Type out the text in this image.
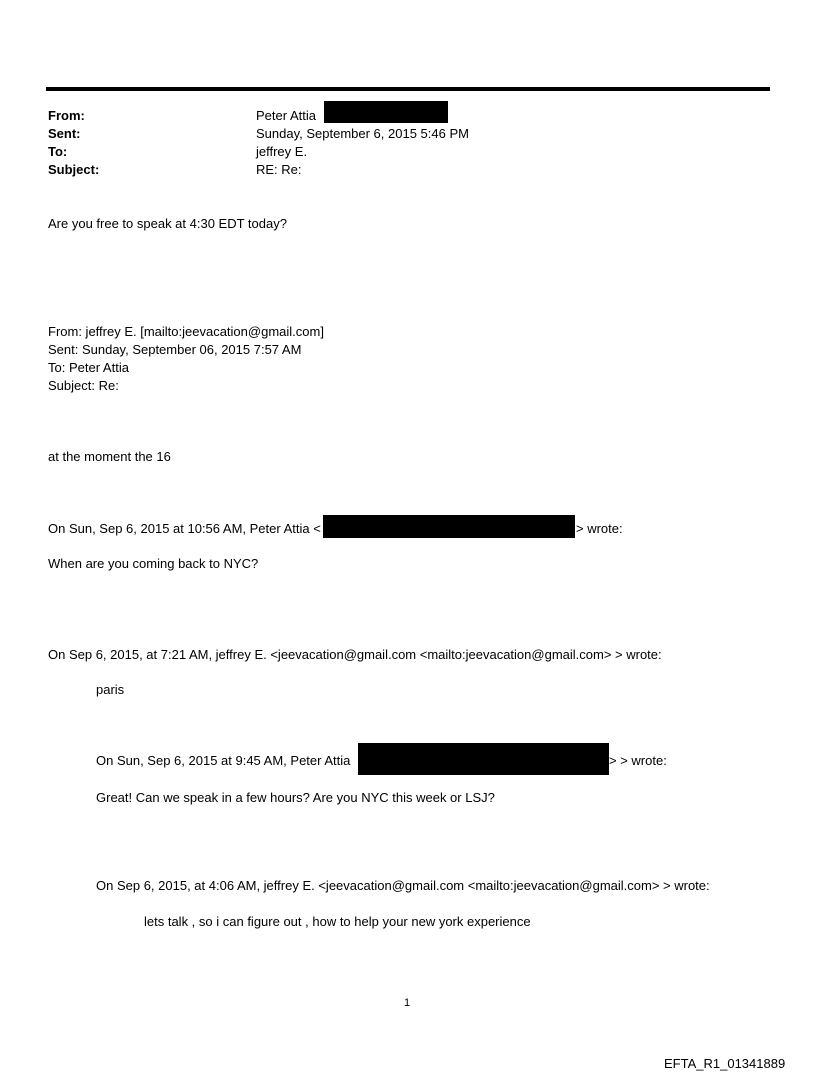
From:	Peter Attia
Sent:	Sunday, September 6, 2015 5:46 PM
To:	jeffrey E.
Subject:	RE: Re:
Are you free to speak at 4:30 EDT today?
From: jeffrey E. [mailto:jeevacation@gmail.com]
Sent: Sunday, September 06, 2015 7:57 AM
To: Peter Attia
Subject: Re:
at the moment the 16
On Sun, Sep 6, 2015 at 10:56 AM, Peter Attia <	> wrote:
When are you coming back to NYC?
On Sep 6, 2015, at 7:21 AM, jeffrey E. <jeevacation@gmail.com <mailto:jeevacation@gmail.com> > wrote:
paris
On Sun, Sep 6, 2015 at 9:45 AM, Peter Attia	> > wrote:
Great! Can we speak in a few hours? Are you NYC this week or LSJ?
On Sep 6, 2015, at 4:06 AM, jeffrey E. <jeevacation@gmail.com <mailto:jeevacation@gmail.com> > wrote:
lets talk , so i can figure out , how to help your new york experience
1
EFTA_R1_01341889
